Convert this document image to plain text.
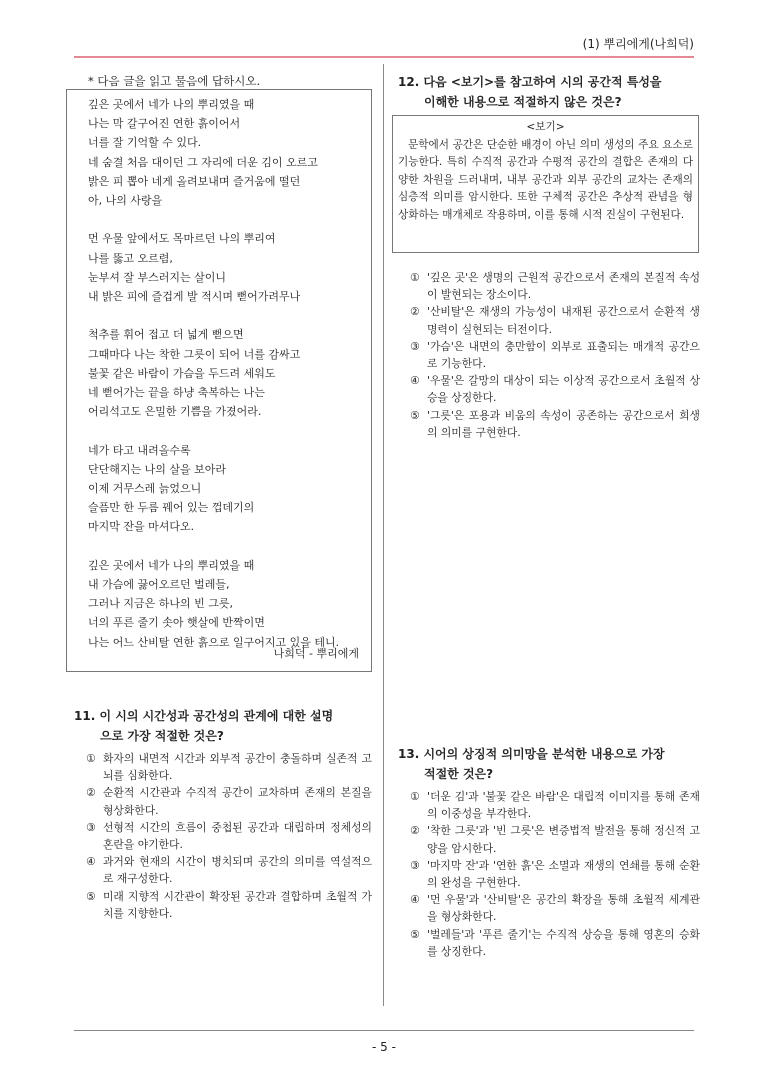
(1) 뿌리에게(나희덕)
* 다음 글을 읽고 물음에 답하시오.
깊은 곳에서 네가 나의 뿌리였을 때
나는 막 갈구어진 연한 흙이어서
너를 잘 기억할 수 있다.
네 숨결 처음 대이던 그 자리에 더운 김이 오르고
밝은 피 뽑아 네게 올려보내며 즐거움에 떨던
아, 나의 사랑을
먼 우물 앞에서도 목마르던 나의 뿌리여
나를 뚫고 오르렴,
눈부셔 잘 부스러지는 살이니
내 밝은 피에 즐겁게 발 적시며 뻗어가려무나
척추를 휘어 접고 더 넓게 뻗으면
그때마다 나는 착한 그릇이 되어 너를 감싸고
불꽃 같은 바람이 가슴을 두드려 세워도
네 뻗어가는 끝을 하냥 축복하는 나는
어리석고도 은밀한 기쁨을 가졌어라.
네가 타고 내려올수록
단단해지는 나의 살을 보아라
이제 거무스레 늙었으니
슬픔만 한 두름 꿰어 있는 껍데기의
마지막 잔을 마셔다오.
깊은 곳에서 네가 나의 뿌리였을 때
내 가슴에 끓어오르던 벌레들,
그러나 지금은 하나의 빈 그릇,
너의 푸른 줄기 솟아 햇살에 반짝이면
나는 어느 산비탈 연한 흙으로 일구어지고 있을 테니.
나희덕 - 뿌리에게
11. 이 시의 시간성과 공간성의 관계에 대한 설명
으로 가장 적절한 것은?
① 화자의 내면적 시간과 외부적 공간이 충돌하며 실존적 고뇌를 심화한다.
② 순환적 시간관과 수직적 공간이 교차하며 존재의 본질을 형상화한다.
③ 선형적 시간의 흐름이 중첩된 공간과 대립하며 정체성의 혼란을 야기한다.
④ 과거와 현재의 시간이 병치되며 공간의 의미를 역설적으로 재구성한다.
⑤ 미래 지향적 시간관이 확장된 공간과 결합하며 초월적 가치를 지향한다.
12. 다음 <보기>를 참고하여 시의 공간적 특성을
이해한 내용으로 적절하지 않은 것은?
<보기>
문학에서 공간은 단순한 배경이 아닌 의미 생성의 주요 요소로 기능한다. 특히 수직적 공간과 수평적 공간의 결합은 존재의 다양한 차원을 드러내며, 내부 공간과 외부 공간의 교차는 존재의 심층적 의미를 암시한다. 또한 구체적 공간은 추상적 관념을 형상화하는 매개체로 작용하며, 이를 통해 시적 진실이 구현된다.
① '깊은 곳'은 생명의 근원적 공간으로서 존재의 본질적 속성이 발현되는 장소이다.
② '산비탈'은 재생의 가능성이 내재된 공간으로서 순환적 생명력이 실현되는 터전이다.
③ '가슴'은 내면의 충만함이 외부로 표출되는 매개적 공간으로 기능한다.
④ '우물'은 갈망의 대상이 되는 이상적 공간으로서 초월적 상승을 상징한다.
⑤ '그릇'은 포용과 비움의 속성이 공존하는 공간으로서 희생의 의미를 구현한다.
13. 시어의 상징적 의미망을 분석한 내용으로 가장
적절한 것은?
① '더운 김'과 '불꽃 같은 바람'은 대립적 이미지를 통해 존재의 이중성을 부각한다.
② '착한 그릇'과 '빈 그릇'은 변증법적 발전을 통해 정신적 고양을 암시한다.
③ '마지막 잔'과 '연한 흙'은 소멸과 재생의 연쇄를 통해 순환의 완성을 구현한다.
④ '먼 우물'과 '산비탈'은 공간의 확장을 통해 초월적 세계관을 형상화한다.
⑤ '벌레들'과 '푸른 줄기'는 수직적 상승을 통해 영혼의 승화를 상징한다.
- 5 -
